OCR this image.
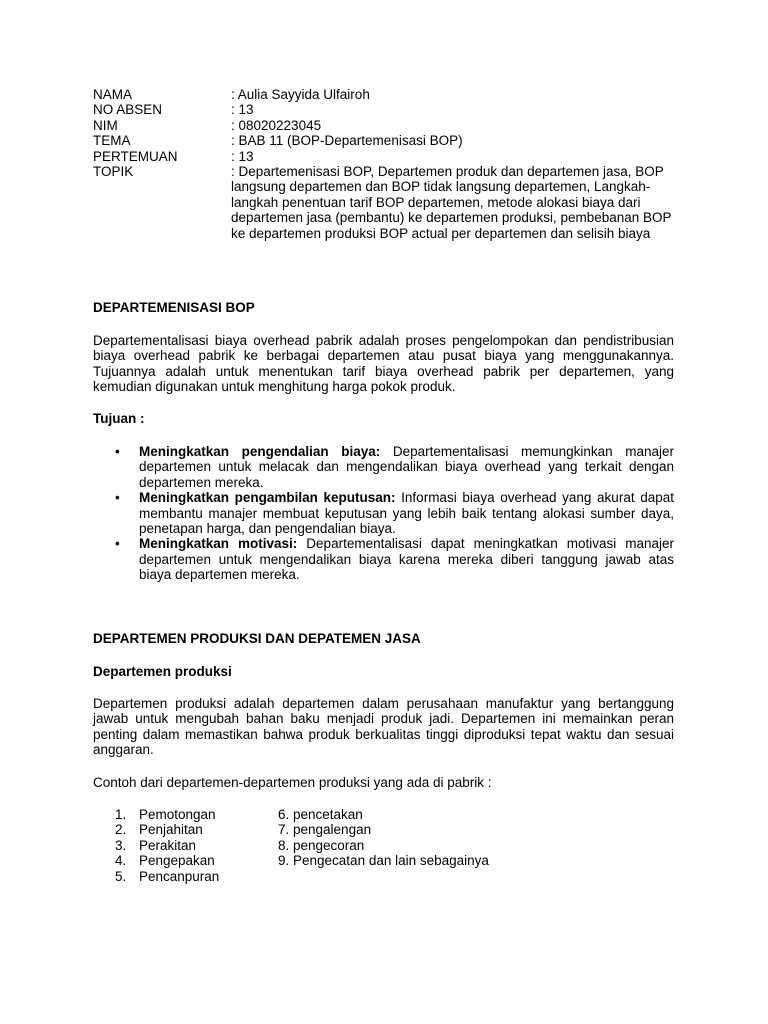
NAMA	: Aulia Sayyida Ulfairoh
NO ABSEN	: 13
NIM	: 08020223045
TEMA	: BAB 11 (BOP-Departemenisasi BOP)
PERTEMUAN	: 13
TOPIK	: Departemenisasi BOP, Departemen produk dan departemen jasa, BOP langsung departemen dan BOP tidak langsung departemen, Langkah-langkah penentuan tarif BOP departemen, metode alokasi biaya dari departemen jasa (pembantu) ke departemen produksi, pembebanan BOP ke departemen produksi BOP actual per departemen dan selisih biaya
DEPARTEMENISASI BOP
Departementalisasi biaya overhead pabrik adalah proses pengelompokan dan pendistribusian biaya overhead pabrik ke berbagai departemen atau pusat biaya yang menggunakannya. Tujuannya adalah untuk menentukan tarif biaya overhead pabrik per departemen, yang kemudian digunakan untuk menghitung harga pokok produk.
Tujuan :
• Meningkatkan pengendalian biaya: Departementalisasi memungkinkan manajer departemen untuk melacak dan mengendalikan biaya overhead yang terkait dengan departemen mereka.
• Meningkatkan pengambilan keputusan: Informasi biaya overhead yang akurat dapat membantu manajer membuat keputusan yang lebih baik tentang alokasi sumber daya, penetapan harga, dan pengendalian biaya.
• Meningkatkan motivasi: Departementalisasi dapat meningkatkan motivasi manajer departemen untuk mengendalikan biaya karena mereka diberi tanggung jawab atas biaya departemen mereka.
DEPARTEMEN PRODUKSI DAN DEPATEMEN JASA
Departemen produksi
Departemen produksi adalah departemen dalam perusahaan manufaktur yang bertanggung jawab untuk mengubah bahan baku menjadi produk jadi. Departemen ini memainkan peran penting dalam memastikan bahwa produk berkualitas tinggi diproduksi tepat waktu dan sesuai anggaran.
Contoh dari departemen-departemen produksi yang ada di pabrik :
1. Pemotongan
2. Penjahitan
3. Perakitan
4. Pengepakan
5. Pencanpuran
6. pencetakan
7. pengalengan
8. pengecoran
9. Pengecatan dan lain sebagainya
